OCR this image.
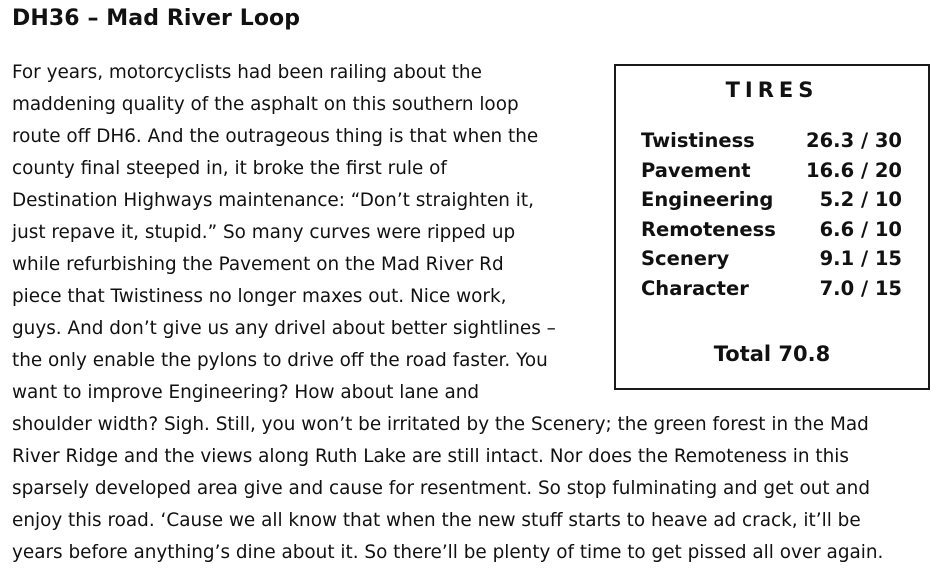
DH36 – Mad River Loop
For years, motorcyclists had been railing about the
maddening quality of the asphalt on this southern loop
route off DH6. And the outrageous thing is that when the
county final steeped in, it broke the first rule of
Destination Highways maintenance: “Don’t straighten it,
just repave it, stupid.” So many curves were ripped up
while refurbishing the Pavement on the Mad River Rd
piece that Twistiness no longer maxes out. Nice work,
guys. And don’t give us any drivel about better sightlines –
the only enable the pylons to drive off the road faster. You
want to improve Engineering? How about lane and
shoulder width? Sigh. Still, you won’t be irritated by the Scenery; the green forest in the Mad
River Ridge and the views along Ruth Lake are still intact. Nor does the Remoteness in this
sparsely developed area give and cause for resentment. So stop fulminating and get out and
enjoy this road. ‘Cause we all know that when the new stuff starts to heave ad crack, it’ll be
years before anything’s dine about it. So there’ll be plenty of time to get pissed all over again.
TIRES
Twistiness	26.3 / 30
Pavement	16.6 / 20
Engineering 5.2 / 10
Remoteness 6.6 / 10
Scenery	9.1 / 15
Character	7.0 / 15
Total 70.8
